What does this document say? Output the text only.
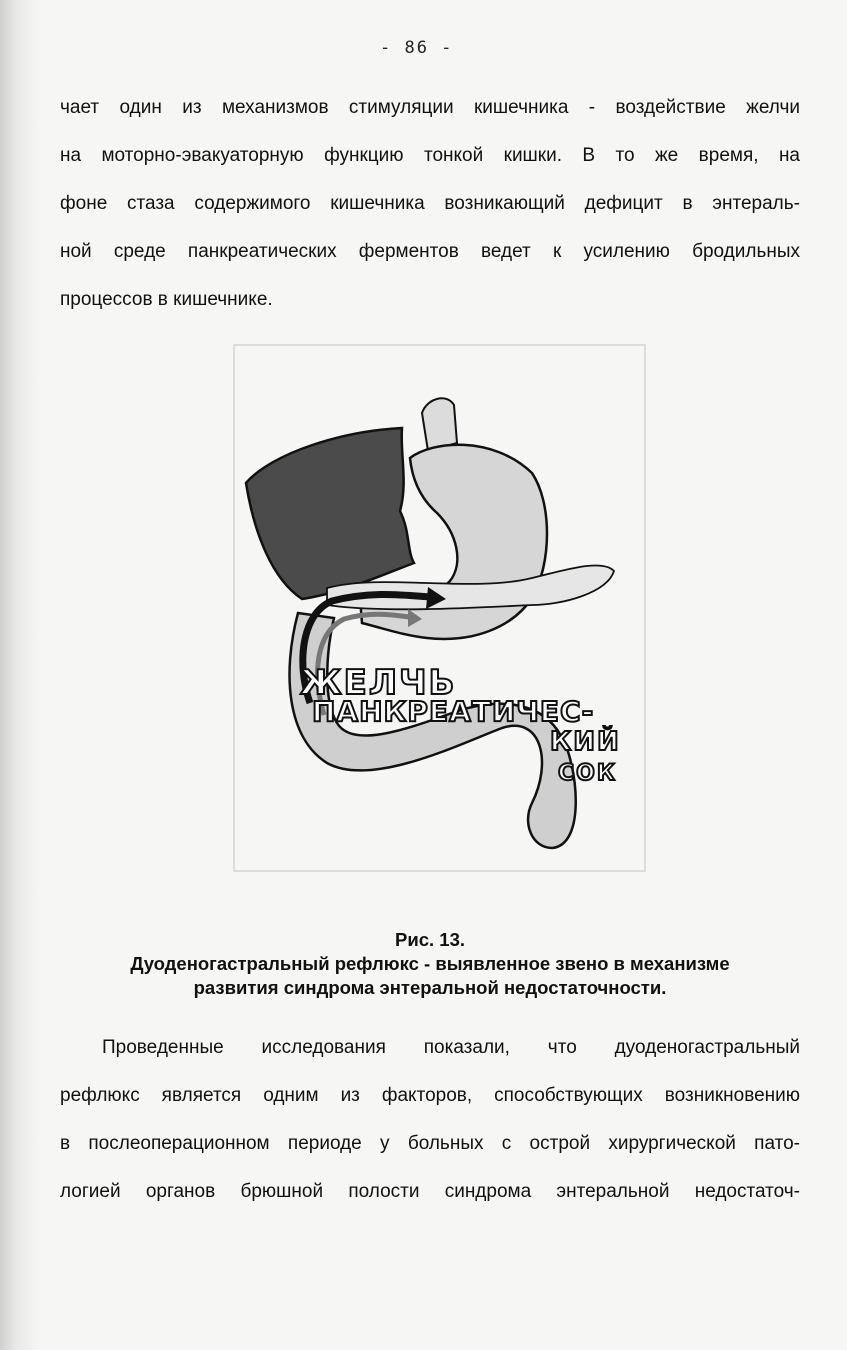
- 86 -
чает один из механизмов стимуляции кишечника - воздействие желчи
на моторно-эвакуаторную функцию тонкой кишки. В то же время, на
фоне стаза содержимого кишечника возникающий дефицит в энтераль-
ной среде панкреатических ферментов ведет к усилению бродильных
процессов в кишечнике.
ЖЕЛЧЬ
ПАНКРЕАТИЧЕС-
КИЙ
СОК
Рис. 13.
Дуоденогастральный рефлюкс - выявленное звено в механизме
развития синдрома энтеральной недостаточности.
Проведенные исследования показали, что дуоденогастральный
рефлюкс является одним из факторов, способствующих возникновению
в послеоперационном периоде у больных с острой хирургической пато-
логией органов брюшной полости синдрома энтеральной недостаточ-
